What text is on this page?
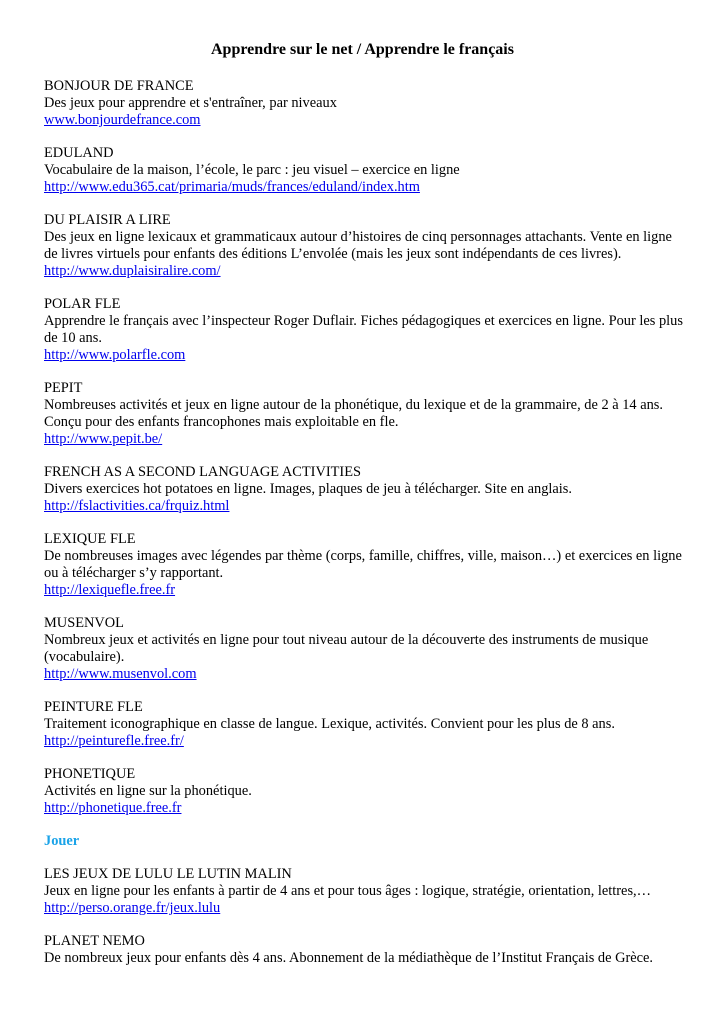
Apprendre sur le net / Apprendre le français
BONJOUR DE FRANCE
Des jeux pour apprendre et s'entraîner, par niveaux
www.bonjourdefrance.com
EDULAND
Vocabulaire de la maison, l’école, le parc : jeu visuel – exercice en ligne
http://www.edu365.cat/primaria/muds/frances/eduland/index.htm
DU PLAISIR A LIRE
Des jeux en ligne lexicaux et grammaticaux autour d’histoires de cinq personnages attachants. Vente en ligne de livres virtuels pour enfants des éditions L’envolée (mais les jeux sont indépendants de ces livres).
http://www.duplaisiralire.com/
POLAR FLE
Apprendre le français avec l’inspecteur Roger Duflair. Fiches pédagogiques et exercices en ligne. Pour les plus de 10 ans.
http://www.polarfle.com
PEPIT
Nombreuses activités et jeux en ligne autour de la phonétique, du lexique et de la grammaire, de 2 à 14 ans. Conçu pour des enfants francophones mais exploitable en fle.
http://www.pepit.be/
FRENCH AS A SECOND LANGUAGE ACTIVITIES
Divers exercices hot potatoes en ligne. Images, plaques de jeu à télécharger. Site en anglais.
http://fslactivities.ca/frquiz.html
LEXIQUE FLE
De nombreuses images avec légendes par thème (corps, famille, chiffres, ville, maison…) et exercices en ligne ou à télécharger s’y rapportant.
http://lexiquefle.free.fr
MUSENVOL
Nombreux jeux et activités en ligne pour tout niveau autour de la découverte des instruments de musique (vocabulaire).
http://www.musenvol.com
PEINTURE FLE
Traitement iconographique en classe de langue. Lexique, activités. Convient pour les plus de 8 ans.
http://peinturefle.free.fr/
PHONETIQUE
Activités en ligne sur la phonétique.
http://phonetique.free.fr
Jouer
LES JEUX DE LULU LE LUTIN MALIN
Jeux en ligne pour les enfants à partir de 4 ans et pour tous âges : logique, stratégie, orientation, lettres,…
http://perso.orange.fr/jeux.lulu
PLANET NEMO
De nombreux jeux pour enfants dès 4 ans. Abonnement de la médiathèque de l’Institut Français de Grèce.
